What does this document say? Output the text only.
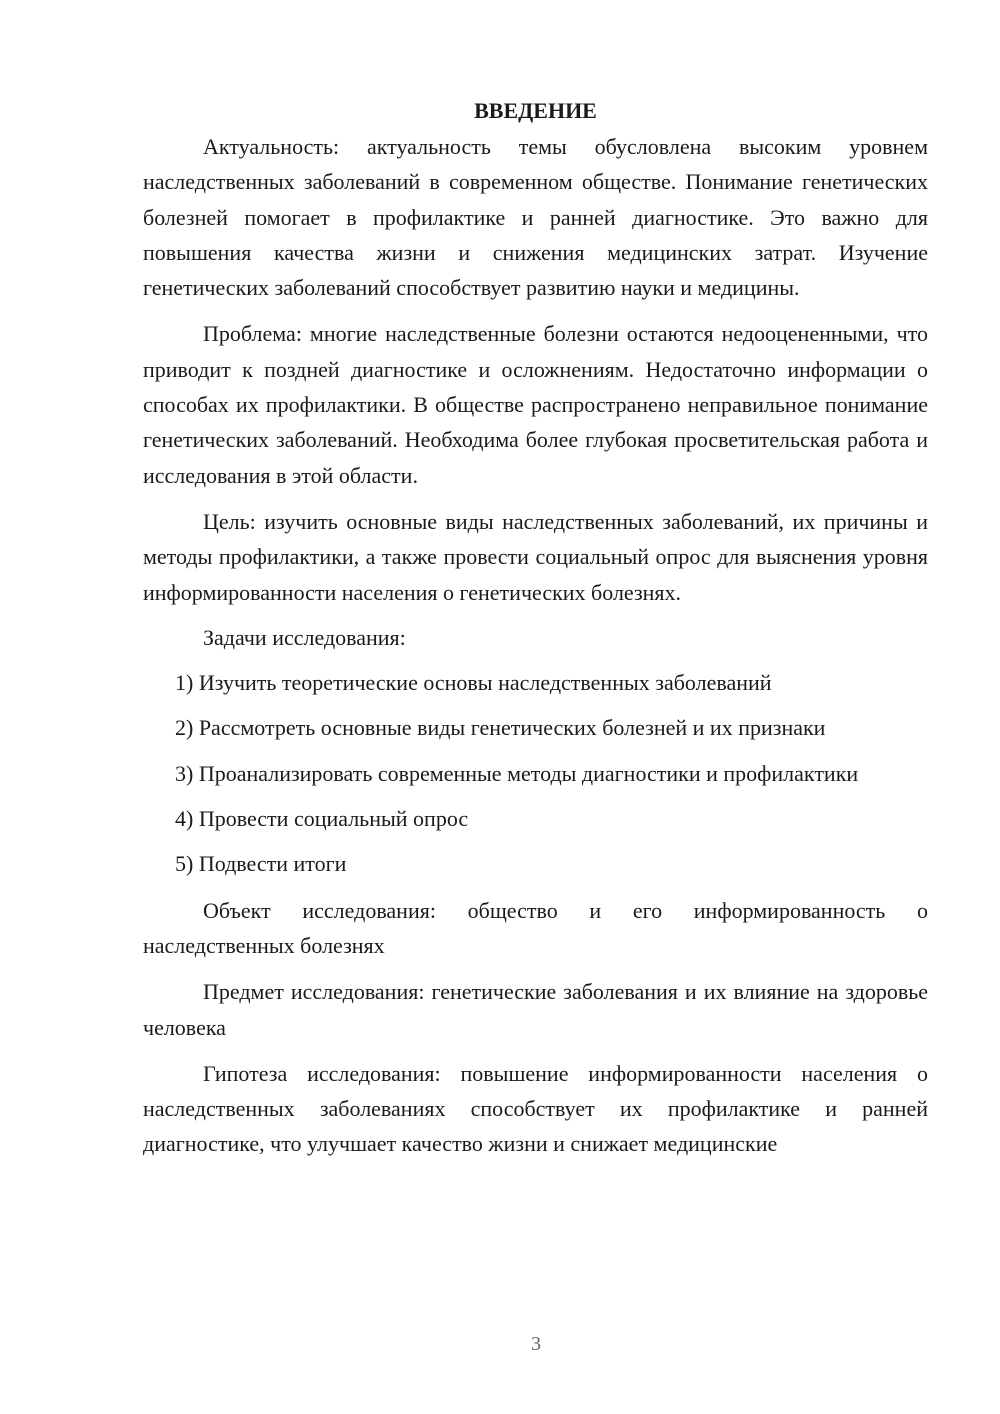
ВВЕДЕНИЕ

Актуальность: актуальность темы обусловлена высоким уровнем наследственных заболеваний в современном обществе. Понимание генетических болезней помогает в профилактике и ранней диагностике. Это важно для повышения качества жизни и снижения медицинских затрат. Изучение генетических заболеваний способствует развитию науки и медицины.

Проблема: многие наследственные болезни остаются недооцененными, что приводит к поздней диагностике и осложнениям. Недостаточно информации о способах их профилактики. В обществе распространено неправильное понимание генетических заболеваний. Необходима более глубокая просветительская работа и исследования в этой области.

Цель: изучить основные виды наследственных заболеваний, их причины и методы профилактики, а также провести социальный опрос для выяснения уровня информированности населения о генетических болезнях.

Задачи исследования:

1) Изучить теоретические основы наследственных заболеваний

2) Рассмотреть основные виды генетических болезней и их признаки

3) Проанализировать современные методы диагностики и профилактики

4) Провести социальный опрос

5) Подвести итоги

Объект исследования: общество и его информированность о наследственных болезнях

Предмет исследования: генетические заболевания и их влияние на здоровье человека

Гипотеза исследования: повышение информированности населения о наследственных заболеваниях способствует их профилактике и ранней диагностике, что улучшает качество жизни и снижает медицинские

3
